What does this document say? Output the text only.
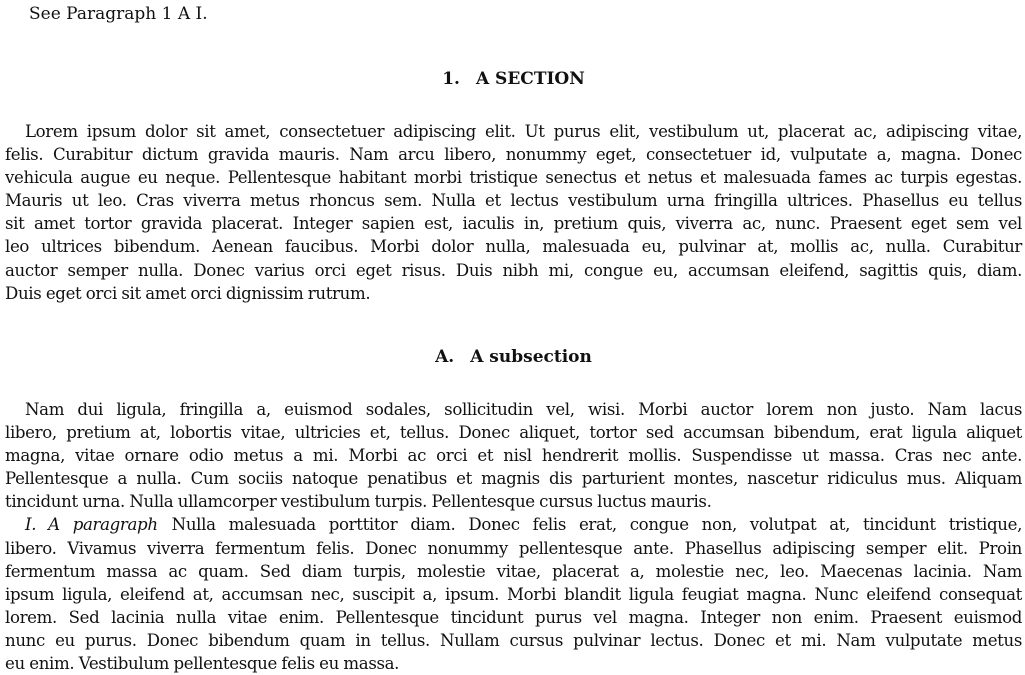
See Paragraph 1 A I.
1. A SECTION
Lorem ipsum dolor sit amet, consectetuer adipiscing elit. Ut purus elit, vestibulum ut, placerat ac, adipiscing vitae,
felis. Curabitur dictum gravida mauris. Nam arcu libero, nonummy eget, consectetuer id, vulputate a, magna. Donec
vehicula augue eu neque. Pellentesque habitant morbi tristique senectus et netus et malesuada fames ac turpis egestas.
Mauris ut leo. Cras viverra metus rhoncus sem. Nulla et lectus vestibulum urna fringilla ultrices. Phasellus eu tellus
sit amet tortor gravida placerat. Integer sapien est, iaculis in, pretium quis, viverra ac, nunc. Praesent eget sem vel
leo ultrices bibendum. Aenean faucibus. Morbi dolor nulla, malesuada eu, pulvinar at, mollis ac, nulla. Curabitur
auctor semper nulla. Donec varius orci eget risus. Duis nibh mi, congue eu, accumsan eleifend, sagittis quis, diam.
Duis eget orci sit amet orci dignissim rutrum.
A. A subsection
Nam dui ligula, fringilla a, euismod sodales, sollicitudin vel, wisi. Morbi auctor lorem non justo. Nam lacus
libero, pretium at, lobortis vitae, ultricies et, tellus. Donec aliquet, tortor sed accumsan bibendum, erat ligula aliquet
magna, vitae ornare odio metus a mi. Morbi ac orci et nisl hendrerit mollis. Suspendisse ut massa. Cras nec ante.
Pellentesque a nulla. Cum sociis natoque penatibus et magnis dis parturient montes, nascetur ridiculus mus. Aliquam
tincidunt urna. Nulla ullamcorper vestibulum turpis. Pellentesque cursus luctus mauris.
I. A paragraph Nulla malesuada porttitor diam. Donec felis erat, congue non, volutpat at, tincidunt tristique,
libero. Vivamus viverra fermentum felis. Donec nonummy pellentesque ante. Phasellus adipiscing semper elit. Proin
fermentum massa ac quam. Sed diam turpis, molestie vitae, placerat a, molestie nec, leo. Maecenas lacinia. Nam
ipsum ligula, eleifend at, accumsan nec, suscipit a, ipsum. Morbi blandit ligula feugiat magna. Nunc eleifend consequat
lorem. Sed lacinia nulla vitae enim. Pellentesque tincidunt purus vel magna. Integer non enim. Praesent euismod
nunc eu purus. Donec bibendum quam in tellus. Nullam cursus pulvinar lectus. Donec et mi. Nam vulputate metus
eu enim. Vestibulum pellentesque felis eu massa.
